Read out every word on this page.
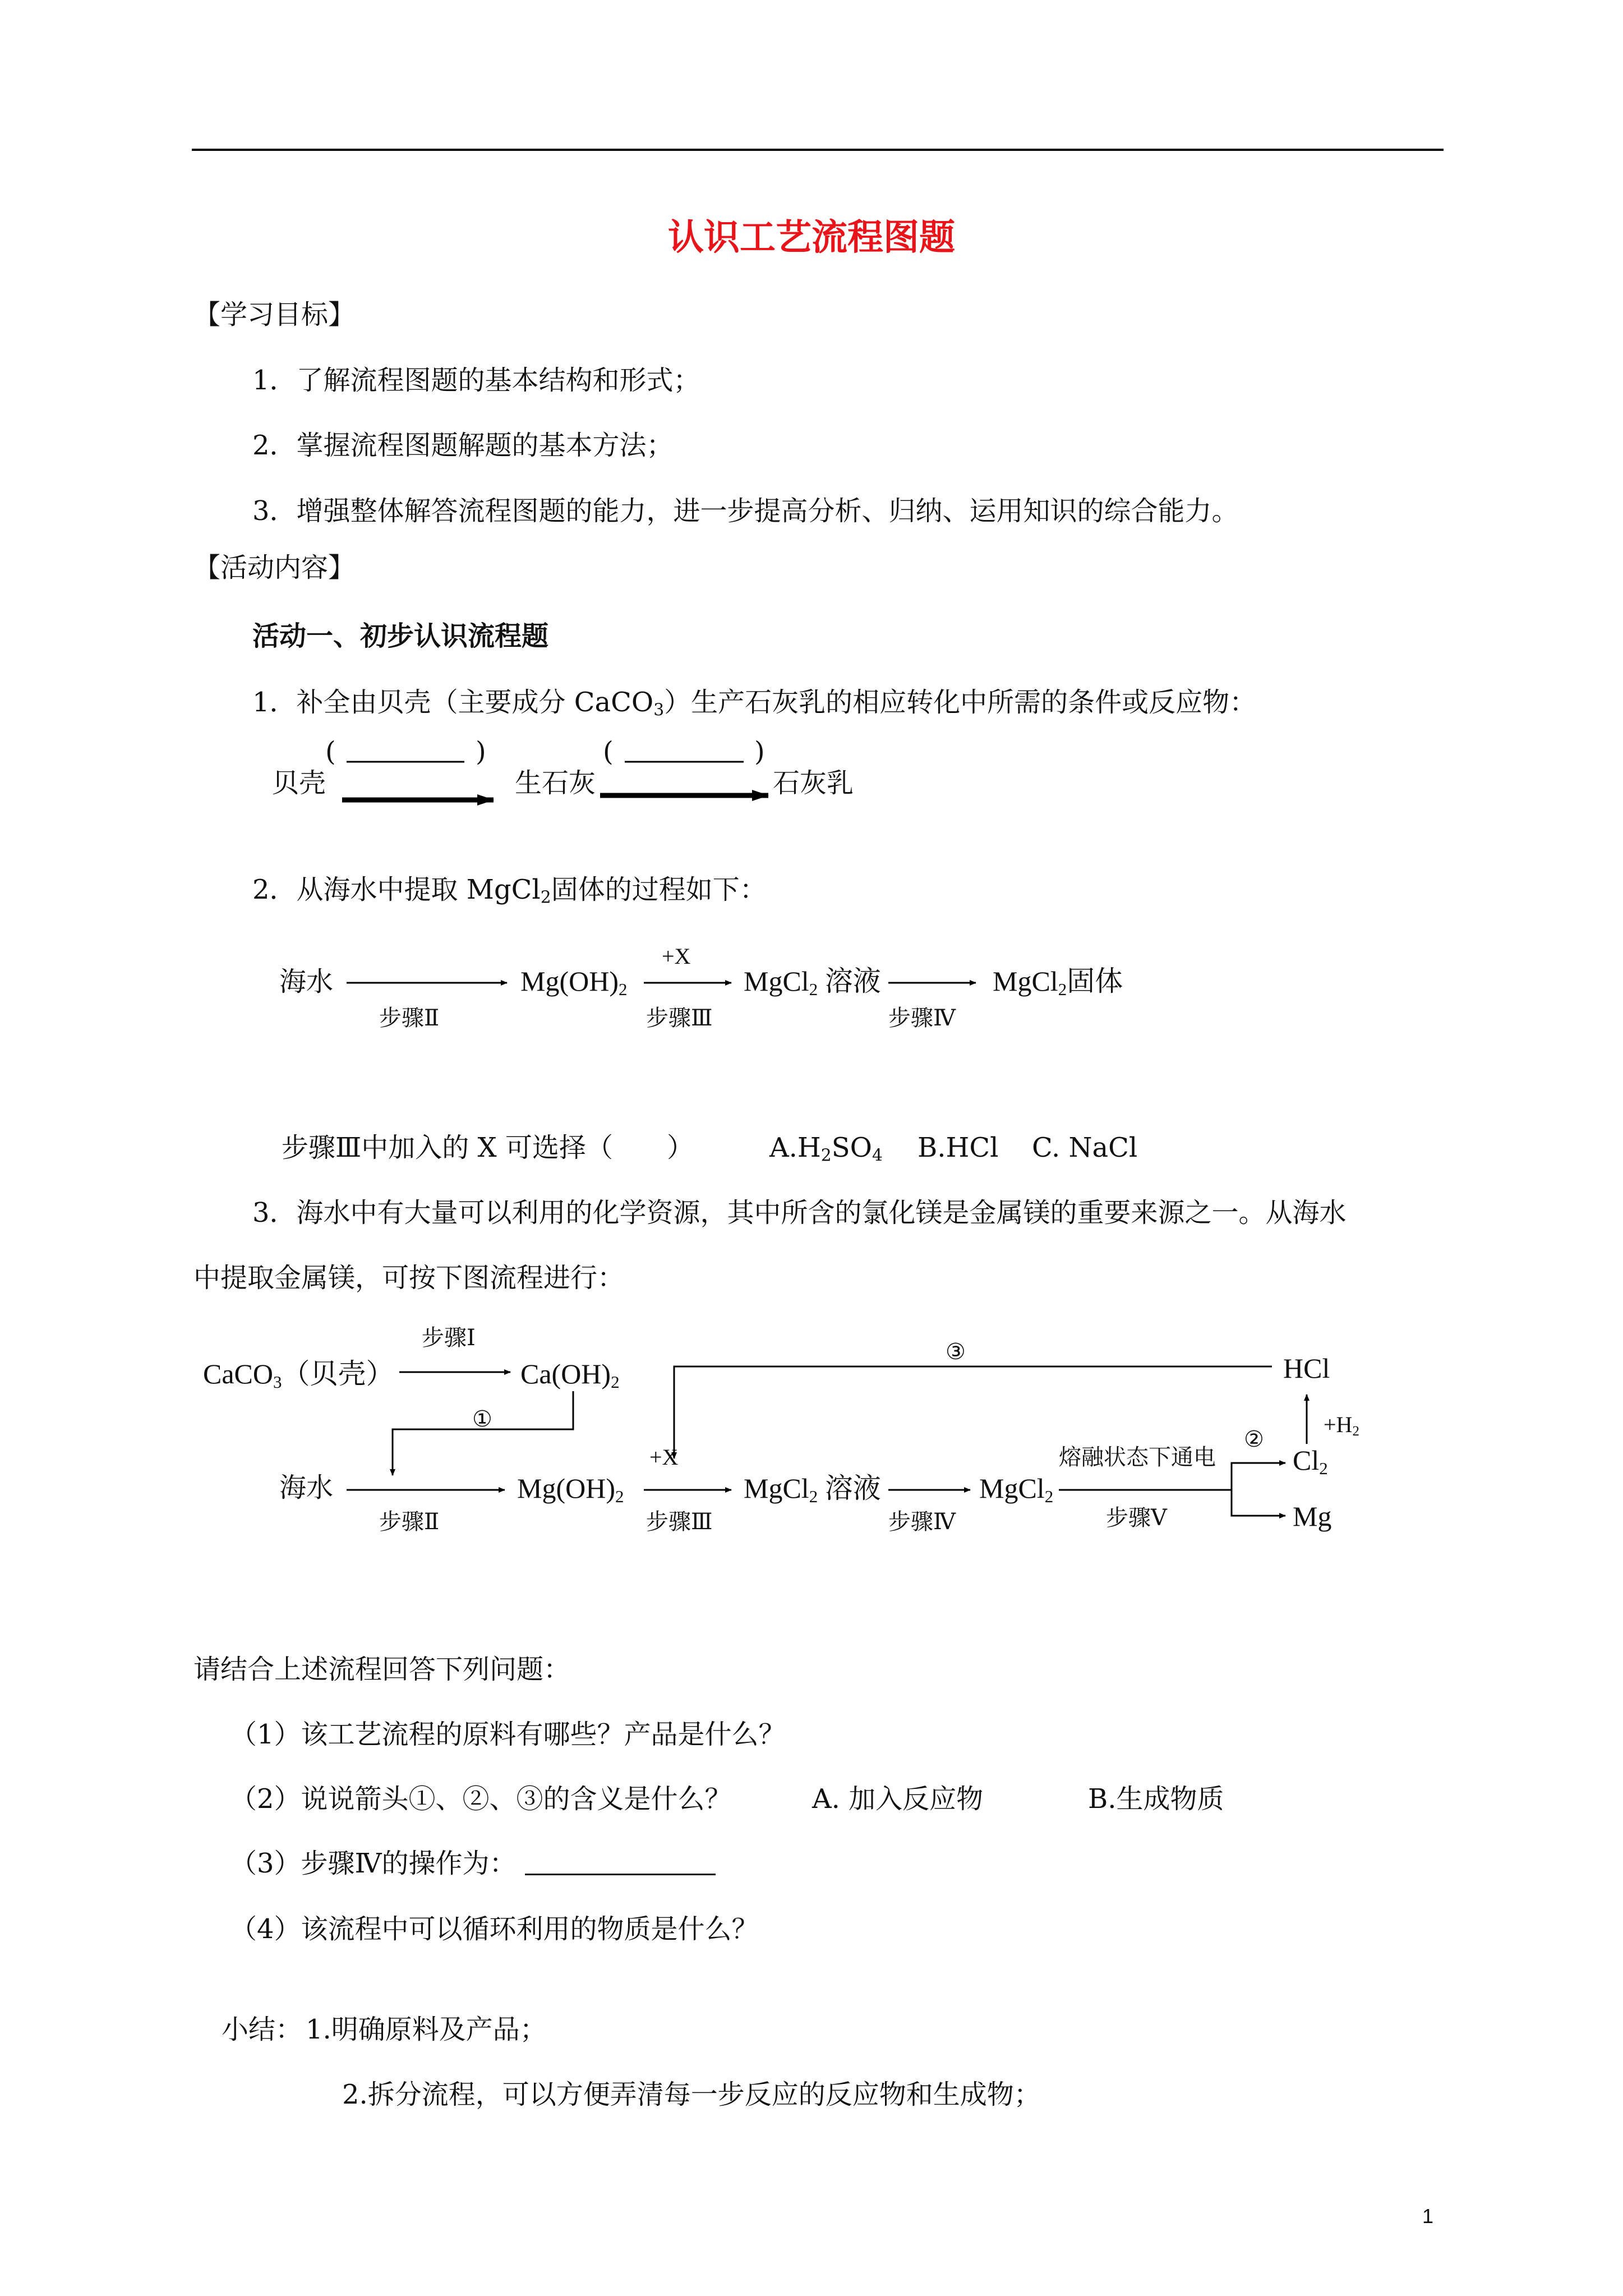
认识工艺流程图题
【学习目标】
1．了解流程图题的基本结构和形式；
2．掌握流程图题解题的基本方法；
3．增强整体解答流程图题的能力，进一步提高分析、归纳、运用知识的综合能力。
【活动内容】
活动一、初步认识流程题
1．补全由贝壳（主要成分 CaCO$_3$）生产石灰乳的相应转化中所需的条件或反应物：
贝壳	生石灰	石灰乳
(	)	(	)
2．从海水中提取 MgCl$_2$固体的过程如下：
海水	$Mg(OH)_2$
+X
MgCl$_2$ 溶液	MgCl$_2$固体
步骤Ⅱ	步骤Ⅲ	步骤Ⅳ
步骤Ⅲ中加入的 X 可选择（　　）	$A.H_2SO_4$ B.HCl C. NaCl
3．海水中有大量可以利用的化学资源，其中所含的氯化镁是金属镁的重要来源之一。从海水
中提取金属镁，可按下图流程进行：
CaCO$_3$（贝壳）
步骤Ⅰ
$Ca(OH)_2$
①
③
HCl
$+H_2$
海水	$Mg(OH)_2$
+X
MgCl$_2$ 溶液	MgCl$_2$
熔融状态下通电
②
$Cl_2$
Mg
步骤Ⅱ	步骤Ⅲ	步骤Ⅳ	步骤Ⅴ
请结合上述流程回答下列问题：
（1）该工艺流程的原料有哪些？产品是什么？
（2）说说箭头①、②、③的含义是什么？	A. 加入反应物	B.生成物质
（3）步骤Ⅳ的操作为：
（4）该流程中可以循环利用的物质是什么？
小结： 1.明确原料及产品；
2.拆分流程，可以方便弄清每一步反应的反应物和生成物；
1
